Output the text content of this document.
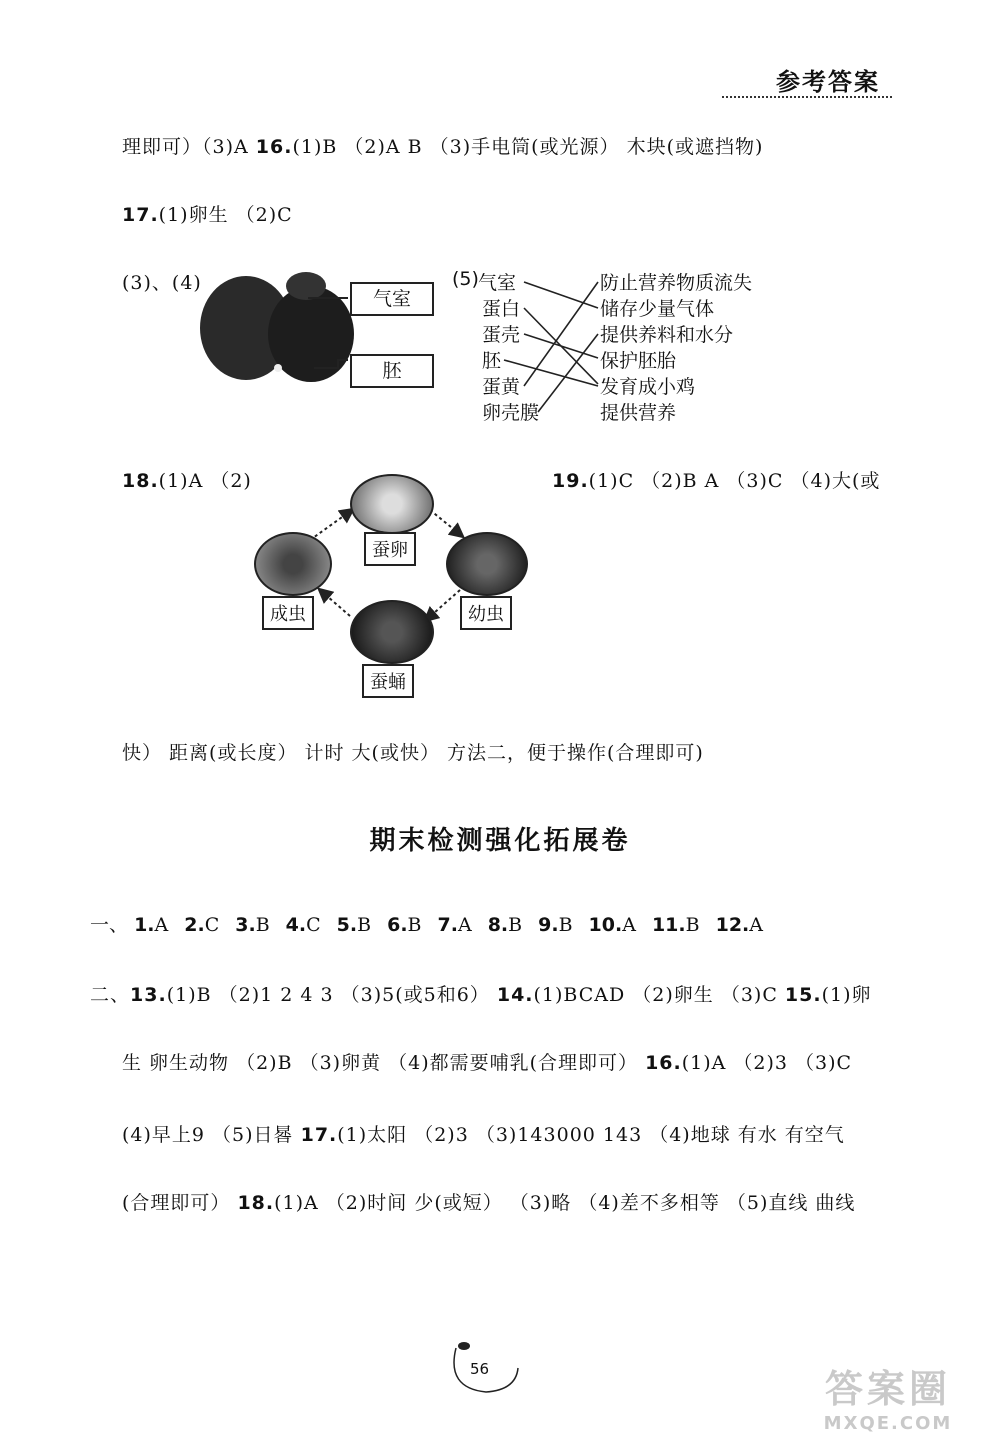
参考答案
理即可）（3)A 16.(1)B （2)A B （3)手电筒(或光源） 木块(或遮挡物)
17.(1)卵生 （2)C
(3)、(4)
气室
胚
(5) 气室
蛋白
蛋壳
胚
蛋黄
卵壳膜
防止营养物质流失
储存少量气体
提供养料和水分
保护胚胎
发育成小鸡
提供营养
18.(1)A （2)	19.(1)C （2)B A （3)C （4)大(或
蚕卵
幼虫
蚕蛹
成虫
快） 距离(或长度） 计时 大(或快） 方法二，便于操作(合理即可)
期末检测强化拓展卷
一、 1.A 2.C 3.B 4.C 5.B 6.B 7.A 8.B 9.B 10.A 11.B 12.A
二、13.(1)B （2)1 2 4 3 （3)5(或5和6） 14.(1)BCAD （2)卵生 （3)C 15.(1)卵
生 卵生动物 （2)B （3)卵黄 （4)都需要哺乳(合理即可） 16.(1)A （2)3 （3)C
(4)早上9 （5)日晷 17.(1)太阳 （2)3 （3)143000 143 （4)地球 有水 有空气
(合理即可） 18.(1)A （2)时间 少(或短） （3)略 （4)差不多相等 （5)直线 曲线
56	答案圈
MXQE.COM
